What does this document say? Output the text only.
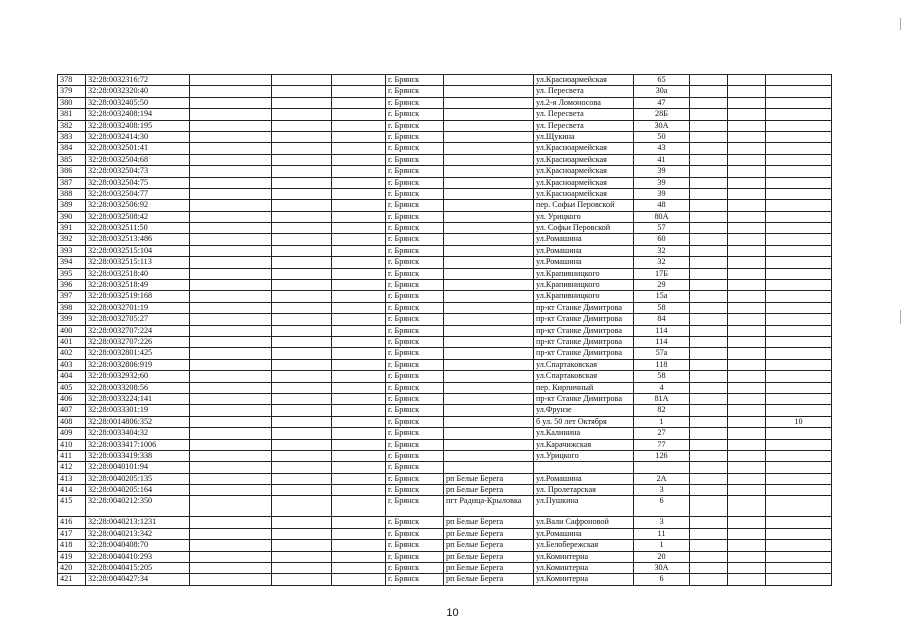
378	32:28:0032316:72				г. Брянск		ул.Красноармейская	65			
379	32:28:0032320:40				г. Брянск		ул. Пересвета	30а			
380	32:28:0032405:50				г. Брянск		ул.2-я Ломоносова	47			
381	32:28:0032408:194				г. Брянск		ул. Пересвета	28Б			
382	32:28:0032408:195				г. Брянск		ул. Пересвета	30А			
383	32:28:0032414:30				г. Брянск		ул.Щукина	50			
384	32:28:0032501:41				г. Брянск		ул.Красноармейская	43			
385	32:28:0032504:68				г. Брянск		ул.Красноармейская	41			
386	32:28:0032504:73				г. Брянск		ул.Красноармейская	39			
387	32:28:0032504:75				г. Брянск		ул.Красноармейская	39			
388	32:28:0032504:77				г. Брянск		ул.Красноармейская	39			
389	32:28:0032506:92				г. Брянск		пер. Софьи Перовской	48			
390	32:28:0032508:42				г. Брянск		ул. Урицкого	80А			
391	32:28:0032511:50				г. Брянск		ул. Софьи Перовской	57			
392	32:28:0032513:486				г. Брянск		ул.Ромашина	60			
393	32:28:0032515:104				г. Брянск		ул.Ромашина	32			
394	32:28:0032515:113				г. Брянск		ул.Ромашина	32			
395	32:28:0032518:40				г. Брянск		ул.Крапивницкого	17Б			
396	32:28:0032518:49				г. Брянск		ул.Крапивницкого	29			
397	32:28:0032519:168				г. Брянск		ул.Крапивницкого	15а			
398	32:28:0032701:19				г. Брянск		пр-кт Станке Димитрова	58			
399	32:28:0032705:27				г. Брянск		пр-кт Станке Димитрова	84			
400	32:28:0032707:224				г. Брянск		пр-кт Станке Димитрова	114			
401	32:28:0032707:226				г. Брянск		пр-кт Станке Димитрова	114			
402	32:28:0032801:425				г. Брянск		пр-кт Станке Димитрова	57а			
403	32:28:0032806:919				г. Брянск		ул.Спартаковская	118			
404	32:28:0032932:60				г. Брянск		ул.Спартаковская	58			
405	32:28:0033208:56				г. Брянск		пер. Кирпичный	4			
406	32:28:0033224:141				г. Брянск		пр-кт Станке Димитрова	81А			
407	32:28:0033301:19				г. Брянск		ул.Фрунзе	82			
408	32:28:0014806:352				г. Брянск		б ул. 50 лет Октября	1			10
409	32:28:0033404:32				г. Брянск		ул.Калинина	27			
410	32:28:0033417:1006				г. Брянск		ул.Карачижская	77			
411	32:28:0033419:338				г. Брянск		ул.Урицкого	126			
412	32:28:0040101:94				г. Брянск						
413	32:28:0040205:135				г. Брянск	рп Белые Берега	ул.Ромашина	2А			
414	32:28:0040205:164				г. Брянск	рп Белые Берега	ул. Пролетарская	3			
415	32:28:0040212:350				г. Брянск	пгт Радица-Крыловка	ул.Пушкина	6			
416	32:28:0040213:1231				г. Брянск	рп Белые Берега	ул.Вали Сафроновой	3			
417	32:28:0040213:342				г. Брянск	рп Белые Берега	ул.Ромашина	11			
418	32:28:0040408:70				г. Брянск	рп Белые Берега	ул.Белобережская	1			
419	32:28:0040410:293				г. Брянск	рп Белые Берега	ул.Коминтерна	20			
420	32:28:0040415:205				г. Брянск	рп Белые Берега	ул.Коминтерна	30А			
421	32:28:0040427:34				г. Брянск	рп Белые Берега	ул.Коминтерна	6			
10
